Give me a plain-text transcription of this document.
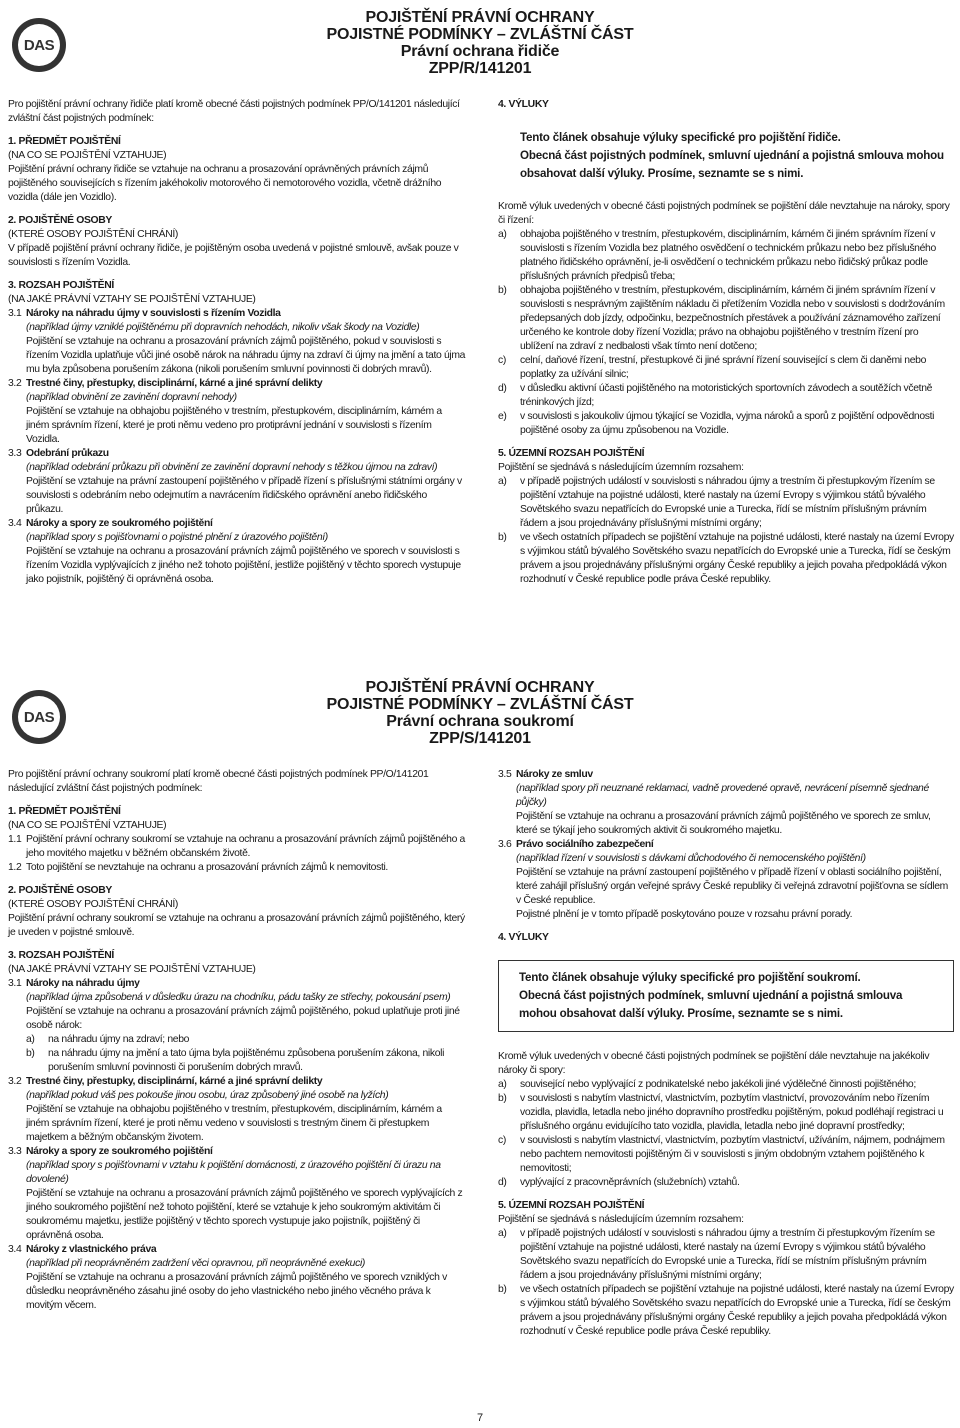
DAS
POJIŠTĚNÍ PRÁVNÍ OCHRANY
POJISTNÉ PODMÍNKY – ZVLÁŠTNÍ ČÁST
Právní ochrana řidiče
ZPP/R/141201

Pro pojištění právní ochrany řidiče platí kromě obecné části pojistných podmínek PP/O/141201 následující zvláštní část pojistných podmínek:

1. PŘEDMĚT POJIŠTĚNÍ

(NA CO SE POJIŠTĚNÍ VZTAHUJE)

Pojištění právní ochrany řidiče se vztahuje na ochranu a prosazování oprávněných právních zájmů pojištěného souvisejících s řízením jakéhokoliv motorového či nemotorového vozidla, včetně drážního vozidla (dále jen Vozidlo).

2. POJIŠTĚNÉ OSOBY

(KTERÉ OSOBY POJIŠTĚNÍ CHRÁNÍ)

V případě pojištění právní ochrany řidiče, je pojištěným osoba uvedená v pojistné smlouvě, avšak pouze v souvislosti s řízením Vozidla.

3. ROZSAH POJIŠTĚNÍ

(NA JAKÉ PRÁVNÍ VZTAHY SE POJIŠTĚNÍ VZTAHUJE)

3.1 Nároky na náhradu újmy v souvislosti s řízením Vozidla

(například újmy vzniklé pojištěnému při dopravních nehodách, nikoliv však škody na Vozidle)

Pojištění se vztahuje na ochranu a prosazování právních zájmů pojištěného, pokud v souvislosti s řízením Vozidla uplatňuje vůči jiné osobě nárok na náhradu újmy na zdraví či újmy na jmění a tato újma mu byla způsobena porušením zákona (nikoli porušením smluvní povinnosti či dobrých mravů).

3.2 Trestné činy, přestupky, disciplinární, kárné a jiné správní delikty

(například obvinění ze zavinění dopravní nehody)

Pojištění se vztahuje na obhajobu pojištěného v trestním, přestupkovém, disciplinárním, kárném a jiném správním řízení, které je proti němu vedeno pro protiprávní jednání v souvislosti s řízením Vozidla.

3.3 Odebrání průkazu

(například odebrání průkazu při obvinění ze zavinění dopravní nehody s těžkou újmou na zdraví)

Pojištění se vztahuje na právní zastoupení pojištěného v případě řízení s příslušnými státními orgány v souvislosti s odebráním nebo odejmutím a navrácením řidičského oprávnění anebo řidičského průkazu.

3.4 Nároky a spory ze soukromého pojištění

(například spory s pojišťovnami o pojistné plnění z úrazového pojištění)

Pojištění se vztahuje na ochranu a prosazování právních zájmů pojištěného ve sporech v souvislosti s řízením Vozidla vyplývajících z jiného než tohoto pojištění, jestliže pojištěný v těchto sporech vystupuje jako pojistník, pojištěný či oprávněná osoba.

4. VÝLUKY

Tento článek obsahuje výluky specifické pro pojištění řidiče.
Obecná část pojistných podmínek, smluvní ujednání a pojistná smlouva mohou obsahovat další výluky. Prosíme, seznamte se s nimi.

Kromě výluk uvedených v obecné části pojistných podmínek se pojištění dále nevztahuje na nároky, spory či řízení:

a)	obhajoba pojištěného v trestním, přestupkovém, disciplinárním, kárném či jiném správním řízení v souvislosti s řízením Vozidla bez platného osvědčení o technickém průkazu nebo bez příslušného platného řidičského oprávnění, je-li osvědčení o technickém průkazu nebo řidičský průkaz podle příslušných právních předpisů třeba;
b)	obhajoba pojištěného v trestním, přestupkovém, disciplinárním, kárném či jiném správním řízení v souvislosti s nesprávným zajištěním nákladu či přetížením Vozidla nebo v souvislosti s dodržováním předepsaných dob jízdy, odpočinku, bezpečnostních přestávek a používání záznamového zařízení určeného ke kontrole doby řízení Vozidla; právo na obhajobu pojištěného v trestním řízení pro ublížení na zdraví z nedbalosti však tímto není dotčeno;
c)	celní, daňové řízení, trestní, přestupkové či jiné správní řízení související s clem či daněmi nebo poplatky za užívání silnic;
d)	v důsledku aktivní účasti pojištěného na motoristických sportovních závodech a soutěžích včetně tréninkových jízd;
e)	v souvislosti s jakoukoliv újmou týkající se Vozidla, vyjma nároků a sporů z pojištění odpovědnosti pojištěné osoby za újmu způsobenou na Vozidle.

5. ÚZEMNÍ ROZSAH POJIŠTĚNÍ

Pojištění se sjednává s následujícím územním rozsahem:

a)	v případě pojistných událostí v souvislosti s náhradou újmy a trestním či přestupkovým řízením se pojištění vztahuje na pojistné události, které nastaly na území Evropy s výjimkou států bývalého Sovětského svazu nepatřících do Evropské unie a Turecka, řídí se místním příslušným právním řádem a jsou projednávány příslušnými místními orgány;
b)	ve všech ostatních případech se pojištění vztahuje na pojistné události, které nastaly na území Evropy s výjimkou států bývalého Sovětského svazu nepatřících do Evropské unie a Turecka, řídí se českým právem a jsou projednávány příslušnými orgány České republiky a jejich povaha předpokládá výkon rozhodnutí v České republice podle práva České republiky.
DAS
POJIŠTĚNÍ PRÁVNÍ OCHRANY
POJISTNÉ PODMÍNKY – ZVLÁŠTNÍ ČÁST
Právní ochrana soukromí
ZPP/S/141201

Pro pojištění právní ochrany soukromí platí kromě obecné části pojistných podmínek PP/O/141201 následující zvláštní část pojistných podmínek:

1. PŘEDMĚT POJIŠTĚNÍ

(NA CO SE POJIŠTĚNÍ VZTAHUJE)

1.1 Pojištění právní ochrany soukromí se vztahuje na ochranu a prosazování právních zájmů pojištěného a jeho movitého majetku v běžném občanském životě.

1.2 Toto pojištění se nevztahuje na ochranu a prosazování právních zájmů k nemovitosti.

2. POJIŠTĚNÉ OSOBY

(KTERÉ OSOBY POJIŠTĚNÍ CHRÁNÍ)

Pojištění právní ochrany soukromí se vztahuje na ochranu a prosazování právních zájmů pojištěného, který je uveden v pojistné smlouvě.

3. ROZSAH POJIŠTĚNÍ

(NA JAKÉ PRÁVNÍ VZTAHY SE POJIŠTĚNÍ VZTAHUJE)

3.1 Nároky na náhradu újmy

(například újma způsobená v důsledku úrazu na chodníku, pádu tašky ze střechy, pokousání psem)

Pojištění se vztahuje na ochranu a prosazování právních zájmů pojištěného, pokud uplatňuje proti jiné osobě nárok:

a)	na náhradu újmy na zdraví; nebo
b)	na náhradu újmy na jmění a tato újma byla pojištěnému způsobena porušením zákona, nikoli porušením smluvní povinnosti či porušením dobrých mravů.
3.2 Trestné činy, přestupky, disciplinární, kárné a jiné správní delikty

(například pokud váš pes pokouše jinou osobu, úraz způsobený jiné osobě na lyžích)

Pojištění se vztahuje na obhajobu pojištěného v trestním, přestupkovém, disciplinárním, kárném a jiném správním řízení, které je proti němu vedeno v souvislosti s trestným činem či přestupkem majetkem a běžným občanským životem.

3.3 Nároky a spory ze soukromého pojištění

(například spory s pojišťovnami v vztahu k pojištění domácnosti, z úrazového pojištění či úrazu na dovolené)

Pojištění se vztahuje na ochranu a prosazování právních zájmů pojištěného ve sporech vyplývajících z jiného soukromého pojištění než tohoto pojištění, které se vztahuje k jeho soukromým aktivitám či soukromému majetku, jestliže pojištěný v těchto sporech vystupuje jako pojistník, pojištěný či oprávněná osoba.

3.4 Nároky z vlastnického práva

(například při neoprávněném zadržení věci opravnou, při neoprávněné exekuci)

Pojištění se vztahuje na ochranu a prosazování právních zájmů pojištěného ve sporech vzniklých v důsledku neoprávněného zásahu jiné osoby do jeho vlastnického nebo jiného věcného práva k movitým věcem.

3.5 Nároky ze smluv

(například spory při neuznané reklamaci, vadně provedené opravě, nevrácení písemně sjednané půjčky)

Pojištění se vztahuje na ochranu a prosazování právních zájmů pojištěného ve sporech ze smluv, které se týkají jeho soukromých aktivit či soukromého majetku.

3.6 Právo sociálního zabezpečení

(například řízení v souvislosti s dávkami důchodového či nemocenského pojištění)

Pojištění se vztahuje na právní zastoupení pojištěného v případě řízení v oblasti sociálního pojištění, které zahájil příslušný orgán veřejné správy České republiky či veřejná zdravotní pojišťovna se sídlem v České republice.

Pojistné plnění je v tomto případě poskytováno pouze v rozsahu právní porady.

4. VÝLUKY

Tento článek obsahuje výluky specifické pro pojištění soukromí.
Obecná část pojistných podmínek, smluvní ujednání a pojistná smlouva mohou obsahovat další výluky. Prosíme, seznamte se s nimi.

Kromě výluk uvedených v obecné části pojistných podmínek se pojištění dále nevztahuje na jakékoliv nároky či spory:

a)	související nebo vyplývající z podnikatelské nebo jakékoli jiné výdělečné činnosti pojištěného;
b)	v souvislosti s nabytím vlastnictví, vlastnictvím, pozbytím vlastnictví, provozováním nebo řízením vozidla, plavidla, letadla nebo jiného dopravního prostředku pojištěným, pokud podléhají registraci u příslušného orgánu evidujícího tato vozidla, plavidla, letadla nebo jiné dopravní prostředky;
c)	v souvislosti s nabytím vlastnictví, vlastnictvím, pozbytím vlastnictví, užíváním, nájmem, podnájmem nebo pachtem nemovitosti pojištěným či v souvislosti s jiným obdobným vztahem pojištěného k nemovitosti;
d)	vyplývající z pracovněprávních (služebních) vztahů.

5. ÚZEMNÍ ROZSAH POJIŠTĚNÍ

Pojištění se sjednává s následujícím územním rozsahem:

a)	v případě pojistných událostí v souvislosti s náhradou újmy a trestním či přestupkovým řízením se pojištění vztahuje na pojistné události, které nastaly na území Evropy s výjimkou států bývalého Sovětského svazu nepatřících do Evropské unie a Turecka, řídí se místním příslušným právním řádem a jsou projednávány příslušnými místními orgány;
b)	ve všech ostatních případech se pojištění vztahuje na pojistné události, které nastaly na území Evropy s výjimkou států bývalého Sovětského svazu nepatřících do Evropské unie a Turecka, řídí se českým právem a jsou projednávány příslušnými orgány České republiky a jejich povaha předpokládá výkon rozhodnutí v České republice podle práva České republiky.
7
